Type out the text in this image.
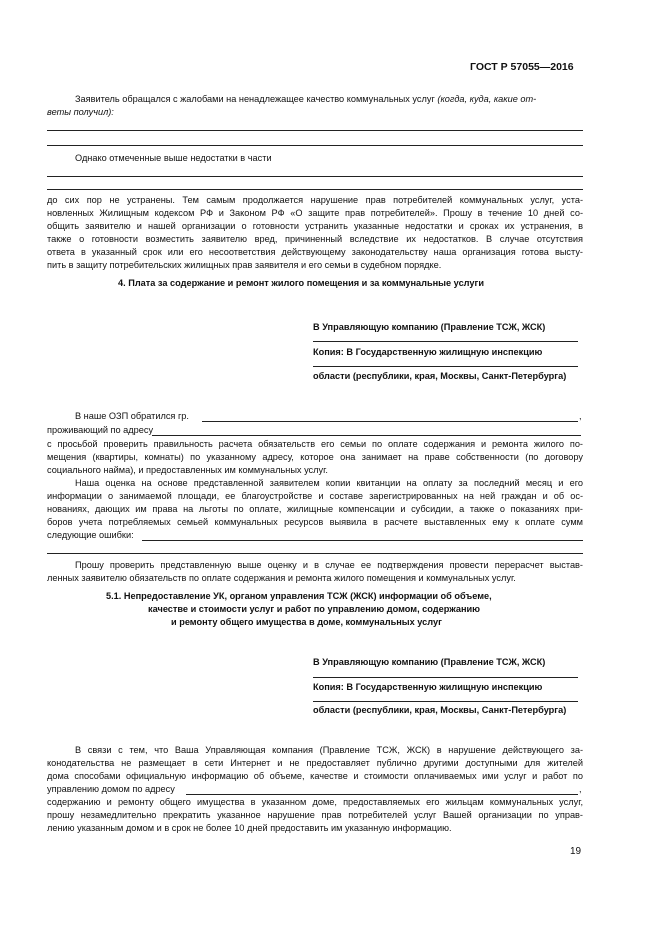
ГОСТ Р 57055—2016
Заявитель обращался с жалобами на ненадлежащее качество коммунальных услуг (когда, куда, какие от-
веты получил):
Однако отмеченные выше недостатки в части
до сих пор не устранены. Тем самым продолжается нарушение прав потребителей коммунальных услуг, уста-
новленных Жилищным кодексом РФ и Законом РФ «О защите прав потребителей». Прошу в течение 10 дней со-
общить заявителю и нашей организации о готовности устранить указанные недостатки и сроках их устранения, в
также о готовности возместить заявителю вред, причиненный вследствие их недостатков. В случае отсутствия
ответа в указанный срок или его несоответствия действующему законодательству наша организация готова высту-
пить в защиту потребительских жилищных прав заявителя и его семьи в судебном порядке.
4. Плата за содержание и ремонт жилого помещения и за коммунальные услуги
В Управляющую компанию (Правление ТСЖ, ЖСК)
Копия: В Государственную жилищную инспекцию
области (республики, края, Москвы, Санкт-Петербурга)
В наше ОЗП обратился гр.	,
проживающий по адресу
с просьбой проверить правильность расчета обязательств его семьи по оплате содержания и ремонта жилого по-
мещения (квартиры, комнаты) по указанному адресу, которое она занимает на праве собственности (по договору
социального найма), и предоставленных им коммунальных услуг.
Наша оценка на основе представленной заявителем копии квитанции на оплату за последний месяц и его
информации о занимаемой площади, ее благоустройстве и составе зарегистрированных на ней граждан и об ос-
нованиях, дающих им права на льготы по оплате, жилищные компенсации и субсидии, а также о показаниях при-
боров учета потребляемых семьей коммунальных ресурсов выявила в расчете выставленных ему к оплате сумм
следующие ошибки:
Прошу проверить представленную выше оценку и в случае ее подтверждения провести перерасчет выстав-
ленных заявителю обязательств по оплате содержания и ремонта жилого помещения и коммунальных услуг.
5.1. Непредоставление УК, органом управления ТСЖ (ЖСК) информации об объеме,
качестве и стоимости услуг и работ по управлению домом, содержанию
и ремонту общего имущества в доме, коммунальных услуг
В Управляющую компанию (Правление ТСЖ, ЖСК)
Копия: В Государственную жилищную инспекцию
области (республики, края, Москвы, Санкт-Петербурга)
В связи с тем, что Ваша Управляющая компания (Правление ТСЖ, ЖСК) в нарушение действующего за-
конодательства не размещает в сети Интернет и не предоставляет публично другими доступными для жителей
дома способами официальную информацию об объеме, качестве и стоимости оплачиваемых ими услуг и работ по
управлению домом по адресу	,
содержанию и ремонту общего имущества в указанном доме, предоставляемых его жильцам коммунальных услуг,
прошу незамедлительно прекратить указанное нарушение прав потребителей услуг Вашей организации по управ-
лению указанным домом и в срок не более 10 дней предоставить им указанную информацию.
19
